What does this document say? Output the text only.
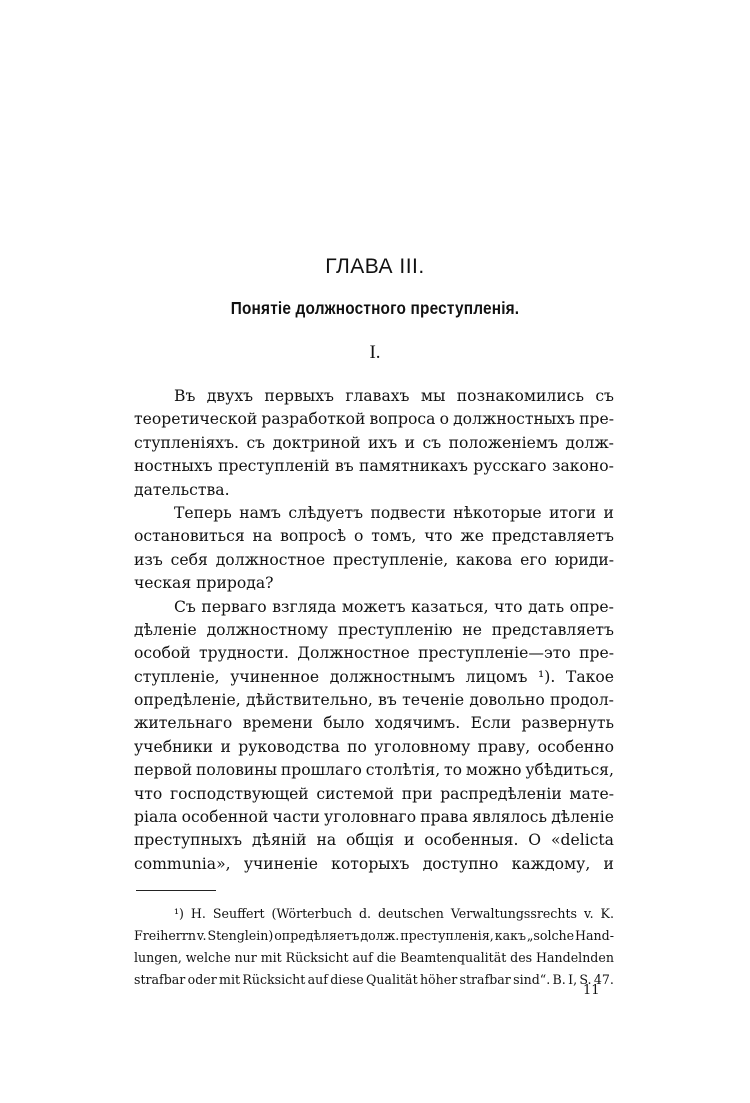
ГЛАВА III.
Понятіе должностного преступленія.
I.
Въ двухъ первыхъ главахъ мы познакомились съ
теоретической разработкой вопроса о должностныхъ пре-
ступленіяхъ. съ доктриной ихъ и съ положеніемъ долж-
ностныхъ преступленій въ памятникахъ русскаго законо-
дательства.
Теперь намъ слѣдуетъ подвести нѣкоторые итоги и
остановиться на вопросѣ о томъ, что же представляетъ
изъ себя должностное преступленіе, какова его юриди-
ческая природа?
Съ перваго взгляда можетъ казаться, что дать опре-
дѣленіе должностному преступленію не представляетъ
особой трудности. Должностное преступленіе—это пре-
ступленіе, учиненное должностнымъ лицомъ ¹). Такое
опредѣленіе, дѣйствительно, въ теченіе довольно продол-
жительнаго времени было ходячимъ. Если развернуть
учебники и руководства по уголовному праву, особенно
первой половины прошлаго столѣтія, то можно убѣдиться,
что господствующей системой при распредѣленіи мате-
ріала особенной части уголовнаго права являлось дѣленіе
преступныхъ дѣяній на общія и особенныя. О «delicta
communia», учиненіе которыхъ доступно каждому, и
¹) H. Seuffert (Wörterbuch d. deutschen Verwaltungssrechts v. K.
Freiherrn v. Stenglein) опредѣляетъ долж. преступленія, какъ „solche Hand-
lungen, welche nur mit Rücksicht auf die Beamtenqualität des Handelnden
strafbar oder mit Rücksicht auf diese Qualität höher strafbar sind“. B. I, S. 47.
11
